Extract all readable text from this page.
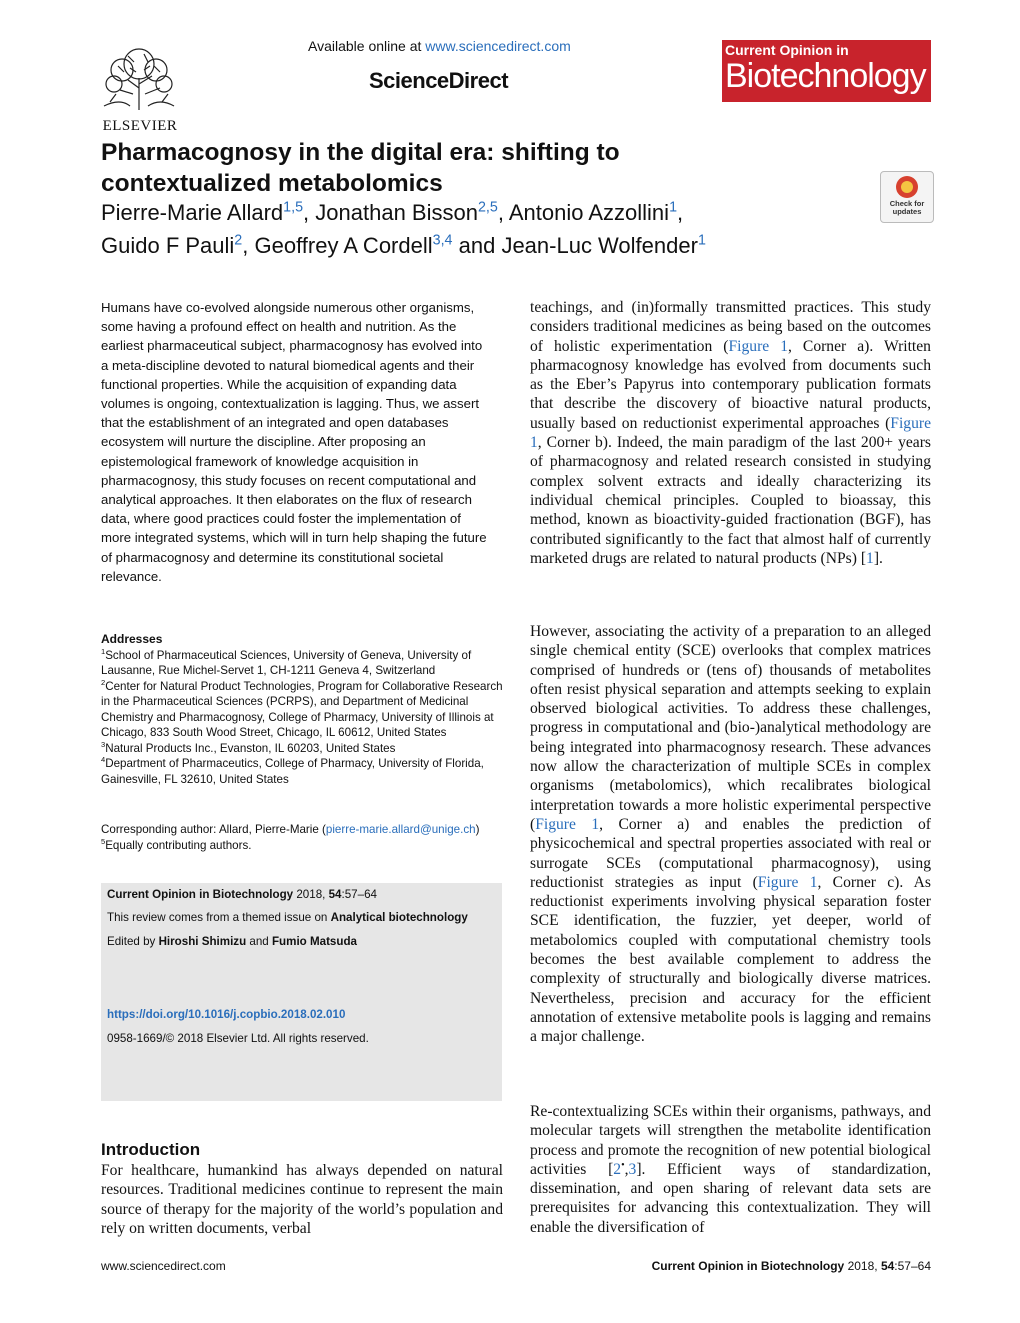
ELSEVIER
Available online at www.sciencedirect.com
ScienceDirect
Current Opinion in
Biotechnology
Pharmacognosy in the digital era: shifting to contextualized metabolomics
Check for updates
Pierre-Marie Allard$^{1,5}$, Jonathan Bisson$^{2,5}$, Antonio Azzollini$^1$,
Guido F Pauli$^2$, Geoffrey A Cordell$^{3,4}$ and Jean-Luc Wolfender$^1$
Humans have co-evolved alongside numerous other organisms, some having a profound effect on health and nutrition. As the earliest pharmaceutical subject, pharmacognosy has evolved into a meta-discipline devoted to natural biomedical agents and their functional properties. While the acquisition of expanding data volumes is ongoing, contextualization is lagging. Thus, we assert that the establishment of an integrated and open databases ecosystem will nurture the discipline. After proposing an epistemological framework of knowledge acquisition in pharmacognosy, this study focuses on recent computational and analytical approaches. It then elaborates on the flux of research data, where good practices could foster the implementation of more integrated systems, which will in turn help shaping the future of pharmacognosy and determine its constitutional societal relevance.
Addresses
$^1$School of Pharmaceutical Sciences, University of Geneva, University of Lausanne, Rue Michel-Servet 1, CH-1211 Geneva 4, Switzerland
$^2$Center for Natural Product Technologies, Program for Collaborative Research in the Pharmaceutical Sciences (PCRPS), and Department of Medicinal Chemistry and Pharmacognosy, College of Pharmacy, University of Illinois at Chicago, 833 South Wood Street, Chicago, IL 60612, United States
$^3$Natural Products Inc., Evanston, IL 60203, United States
$^4$Department of Pharmaceutics, College of Pharmacy, University of Florida, Gainesville, FL 32610, United States
Corresponding author: Allard, Pierre-Marie (pierre-marie.allard@unige.ch)
$^5$Equally contributing authors.
Current Opinion in Biotechnology 2018, 54:57–64
This review comes from a themed issue on Analytical biotechnology
Edited by Hiroshi Shimizu and Fumio Matsuda
https://doi.org/10.1016/j.copbio.2018.02.010
0958-1669/© 2018 Elsevier Ltd. All rights reserved.
Introduction
For healthcare, humankind has always depended on natural resources. Traditional medicines continue to represent the main source of therapy for the majority of the world’s population and rely on written documents, verbal

teachings, and (in)formally transmitted practices. This study considers traditional medicines as being based on the outcomes of holistic experimentation (Figure 1, Corner a). Written pharmacognosy knowledge has evolved from documents such as the Eber’s Papyrus into contemporary publication formats that describe the discovery of bioactive natural products, usually based on reductionist experimental approaches (Figure 1, Corner b). Indeed, the main paradigm of the last 200+ years of pharmacognosy and related research consisted in studying complex solvent extracts and ideally characterizing its individual chemical principles. Coupled to bioassay, this method, known as bioactivity-guided fractionation (BGF), has contributed significantly to the fact that almost half of currently marketed drugs are related to natural products (NPs) [1].

However, associating the activity of a preparation to an alleged single chemical entity (SCE) overlooks that complex matrices comprised of hundreds or (tens of) thousands of metabolites often resist physical separation and attempts seeking to explain observed biological activities. To address these challenges, progress in computational and (bio-)analytical methodology are being integrated into pharmacognosy research. These advances now allow the characterization of multiple SCEs in complex organisms (metabolomics), which recalibrates biological interpretation towards a more holistic experimental perspective (Figure 1, Corner a) and enables the prediction of physicochemical and spectral properties associated with real or surrogate SCEs (computational pharmacognosy), using reductionist strategies as input (Figure 1, Corner c). As reductionist experiments involving physical separation foster SCE identification, the fuzzier, yet deeper, world of metabolomics coupled with computational chemistry tools becomes the best available complement to address the complexity of structurally and biologically diverse matrices. Nevertheless, precision and accuracy for the efficient annotation of extensive metabolite pools is lagging and remains a major challenge.

Re-contextualizing SCEs within their organisms, pathways, and molecular targets will strengthen the metabolite identification process and promote the recognition of new potential biological activities [2•,3]. Efficient ways of standardization, dissemination, and open sharing of relevant data sets are prerequisites for advancing this contextualization. They will enable the diversification of

www.sciencedirect.com	Current Opinion in Biotechnology 2018, 54:57–64
